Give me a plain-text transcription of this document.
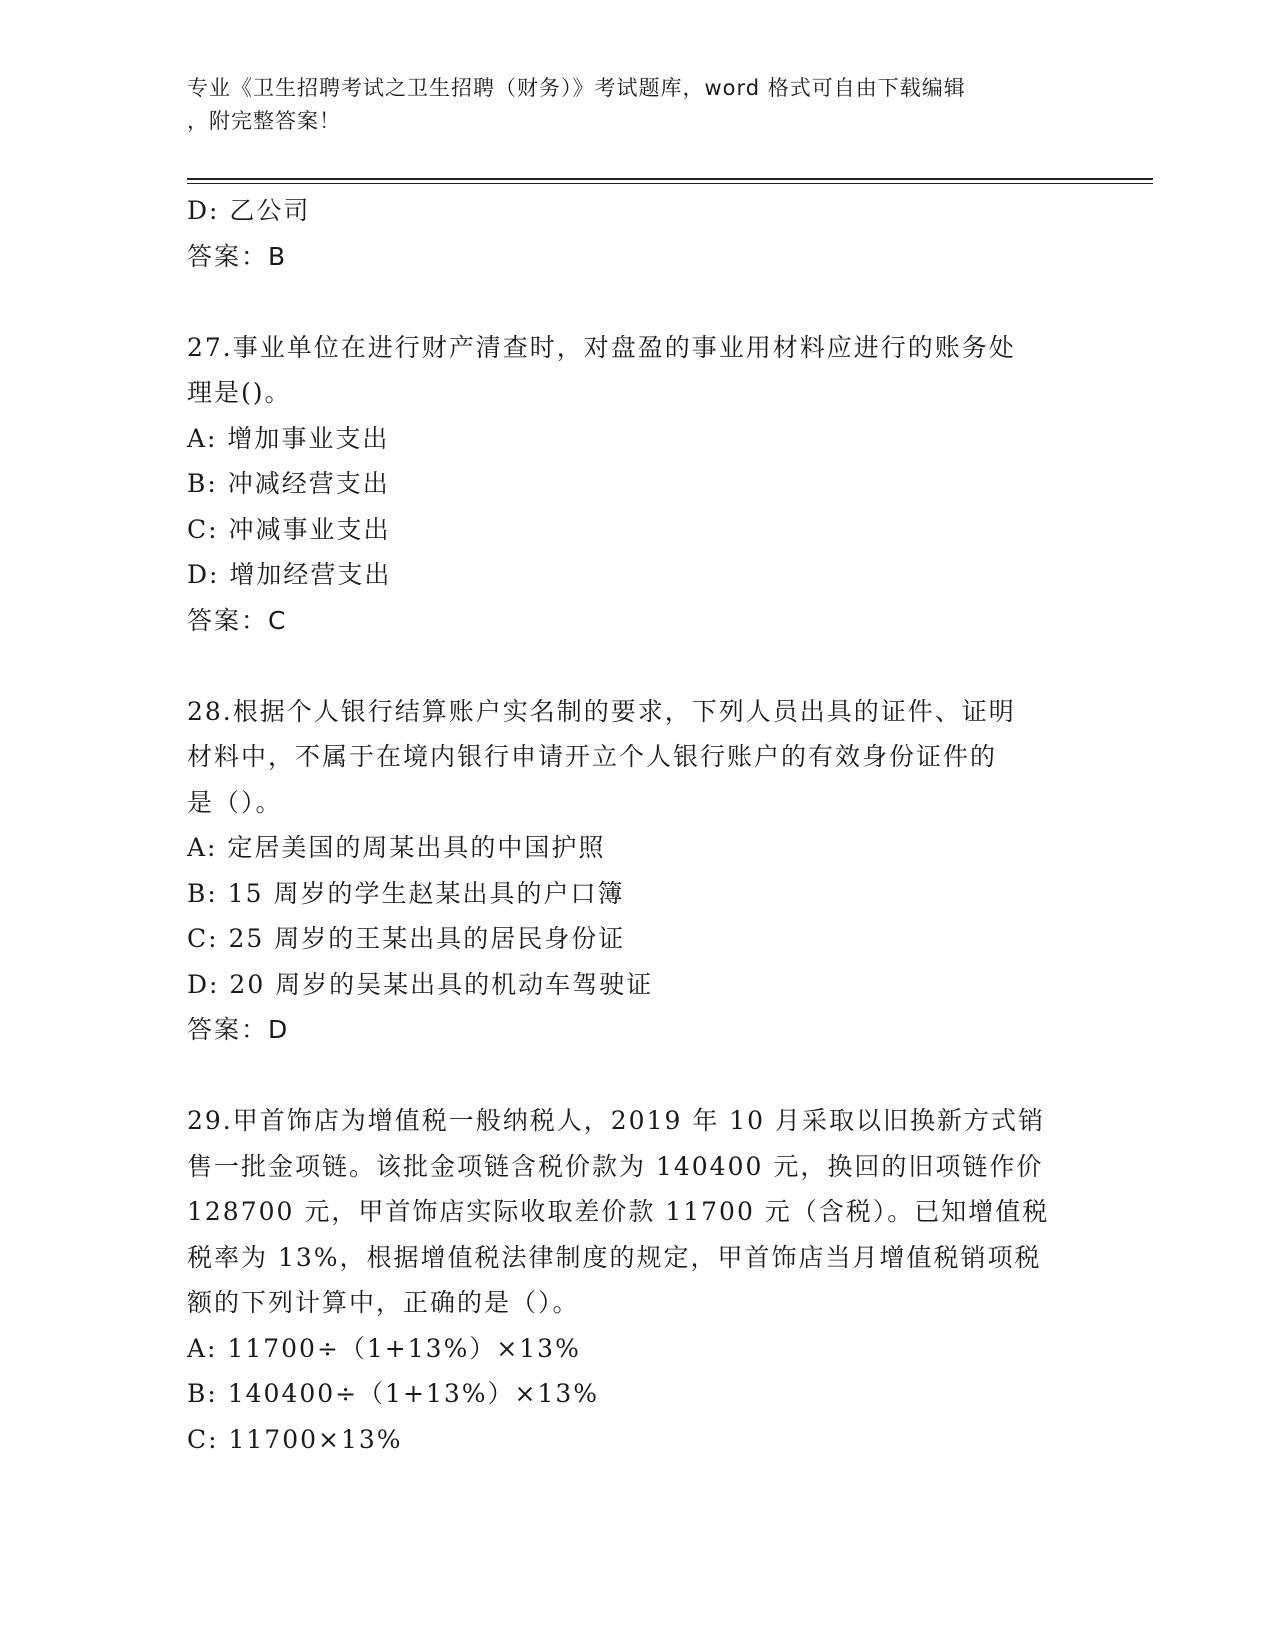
专业《卫生招聘考试之卫生招聘（财务）》考试题库，word 格式可自由下载编辑
，附完整答案！
D: 乙公司
答案：B
27.事业单位在进行财产清查时，对盘盈的事业用材料应进行的账务处
理是()。
A: 增加事业支出
B: 冲减经营支出
C: 冲减事业支出
D: 增加经营支出
答案：C
28.根据个人银行结算账户实名制的要求，下列人员出具的证件、证明
材料中，不属于在境内银行申请开立个人银行账户的有效身份证件的
是（）。
A: 定居美国的周某出具的中国护照
B: 15 周岁的学生赵某出具的户口簿
C: 25 周岁的王某出具的居民身份证
D: 20 周岁的吴某出具的机动车驾驶证
答案：D
29.甲首饰店为增值税一般纳税人，2019 年 10 月采取以旧换新方式销
售一批金项链。该批金项链含税价款为 140400 元，换回的旧项链作价
128700 元，甲首饰店实际收取差价款 11700 元（含税）。已知增值税
税率为 13%，根据增值税法律制度的规定，甲首饰店当月增值税销项税
额的下列计算中，正确的是（）。
A: 11700÷（1+13%）×13%
B: 140400÷（1+13%）×13%
C: 11700×13%
